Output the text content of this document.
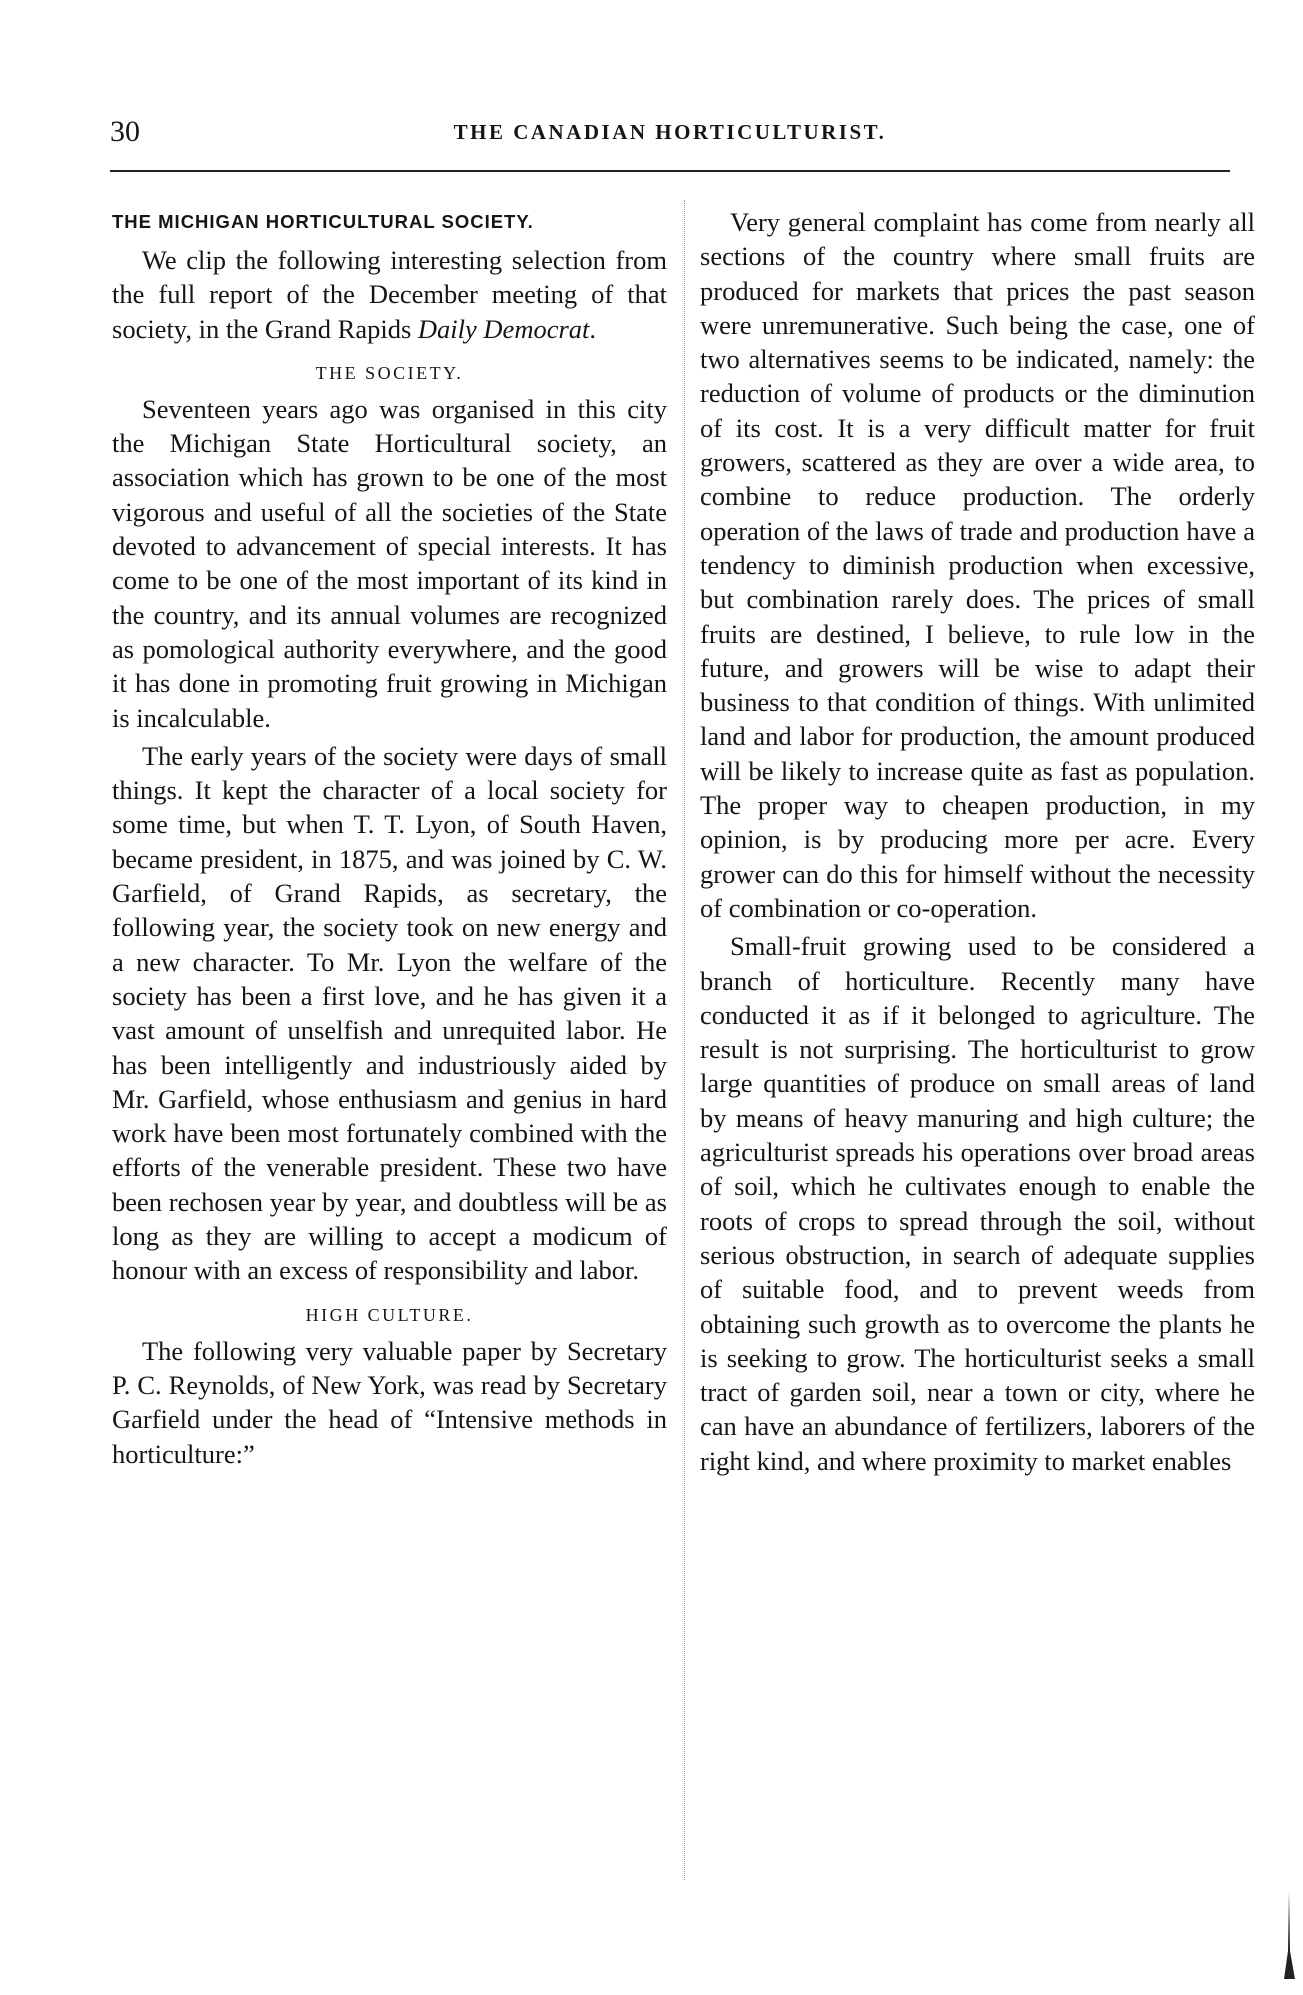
30	THE CANADIAN HORTICULTURIST.
THE MICHIGAN HORTICULTURAL SOCIETY.

We clip the following interesting selection from the full report of the December meeting of that society, in the Grand Rapids Daily Democrat.

THE SOCIETY.

Seventeen years ago was organised in this city the Michigan State Horticultural society, an association which has grown to be one of the most vigorous and useful of all the societies of the State devoted to advancement of special interests. It has come to be one of the most important of its kind in the country, and its annual volumes are recognized as pomological authority everywhere, and the good it has done in promoting fruit growing in Michigan is incalculable.

The early years of the society were days of small things. It kept the character of a local society for some time, but when T. T. Lyon, of South Haven, became president, in 1875, and was joined by C. W. Garfield, of Grand Rapids, as secretary, the following year, the society took on new energy and a new character. To Mr. Lyon the welfare of the society has been a first love, and he has given it a vast amount of unselfish and unrequited labor. He has been intelligently and industriously aided by Mr. Garfield, whose enthusiasm and genius in hard work have been most fortunately combined with the efforts of the venerable president. These two have been rechosen year by year, and doubtless will be as long as they are willing to accept a modicum of honour with an excess of responsibility and labor.

HIGH CULTURE.

The following very valuable paper by Secretary P. C. Reynolds, of New York, was read by Secretary Garfield under the head of “Intensive methods in horticulture:”

Very general complaint has come from nearly all sections of the country where small fruits are produced for markets that prices the past season were unremunerative. Such being the case, one of two alternatives seems to be indicated, namely: the reduction of volume of products or the diminution of its cost. It is a very difficult matter for fruit growers, scattered as they are over a wide area, to combine to reduce production. The orderly operation of the laws of trade and production have a tendency to diminish production when excessive, but combination rarely does. The prices of small fruits are destined, I believe, to rule low in the future, and growers will be wise to adapt their business to that condition of things. With unlimited land and labor for production, the amount produced will be likely to increase quite as fast as population. The proper way to cheapen production, in my opinion, is by producing more per acre. Every grower can do this for himself without the necessity of combination or co-operation.

Small-fruit growing used to be considered a branch of horticulture. Recently many have conducted it as if it belonged to agriculture. The result is not surprising. The horticulturist to grow large quantities of produce on small areas of land by means of heavy manuring and high culture; the agriculturist spreads his operations over broad areas of soil, which he cultivates enough to enable the roots of crops to spread through the soil, without serious obstruction, in search of adequate supplies of suitable food, and to prevent weeds from obtaining such growth as to overcome the plants he is seeking to grow. The horticulturist seeks a small tract of garden soil, near a town or city, where he can have an abundance of fertilizers, laborers of the right kind, and where proximity to market enables
